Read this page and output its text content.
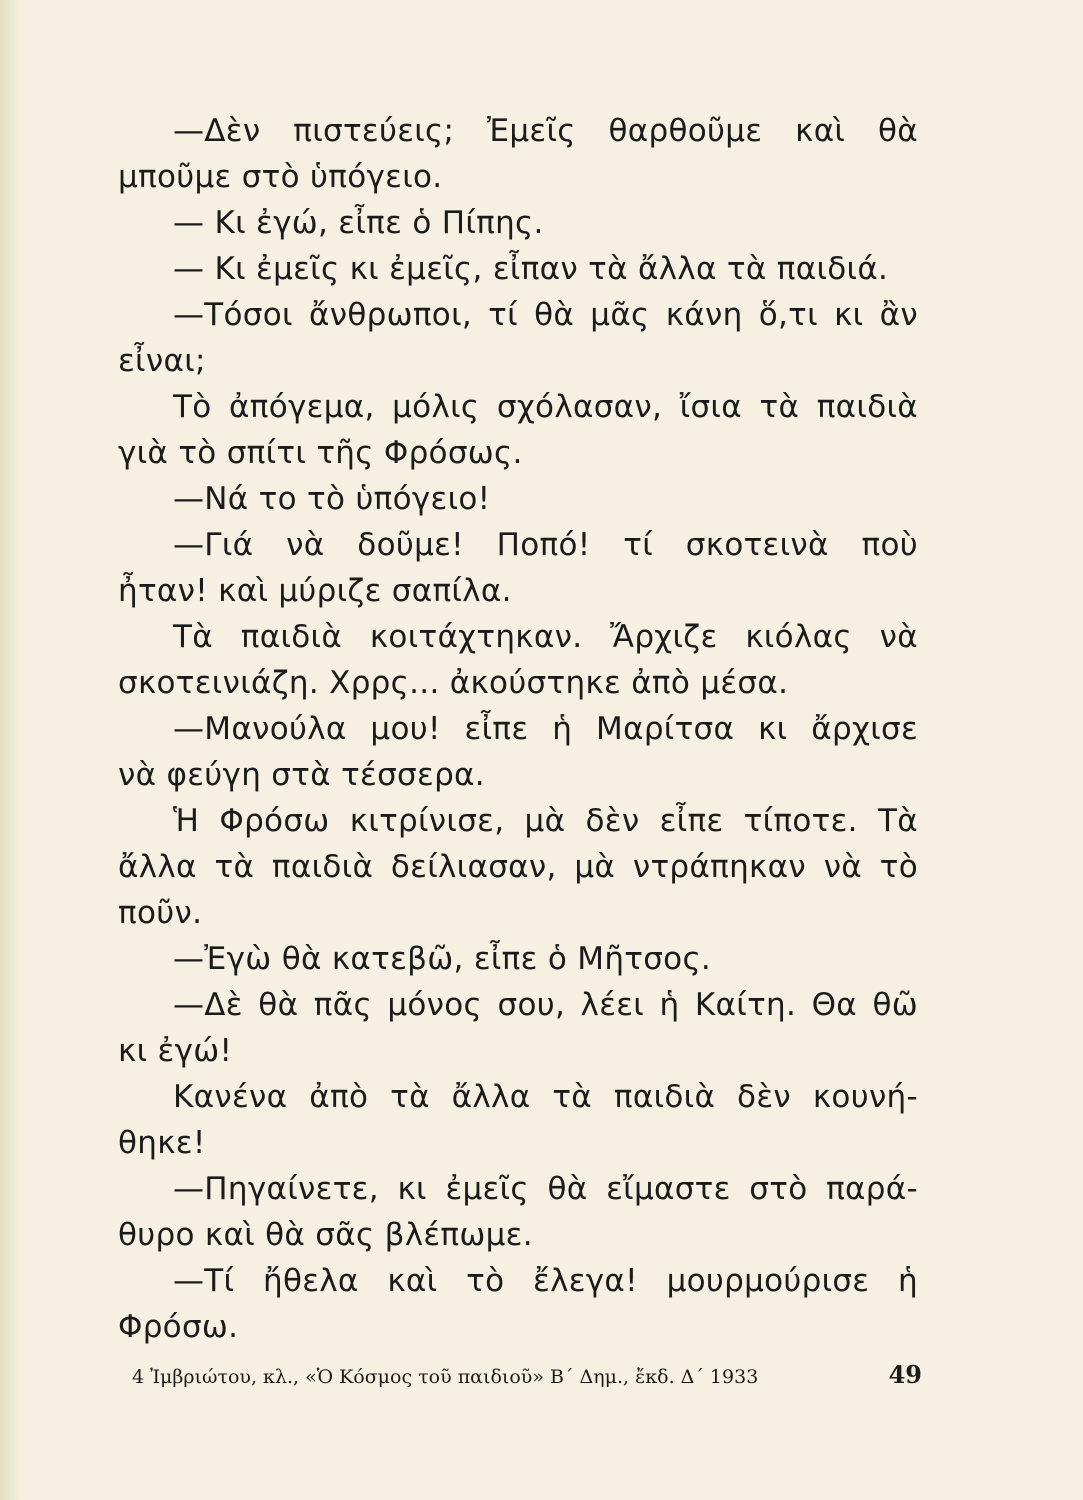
—Δὲν πιστεύεις; Ἐμεῖς θαρθοῦμε καὶ θὰ
μποῦμε στὸ ὑπόγειο.
— Κι ἐγώ, εἶπε ὁ Πίπης.
— Κι ἐμεῖς κι ἐμεῖς, εἶπαν τὰ ἄλλα τὰ παιδιά.
—Τόσοι ἄνθρωποι, τί θὰ μᾶς κάνη ὅ,τι κι ἂν
εἶναι;
Τὸ ἀπόγεμα, μόλις σχόλασαν, ἴσια τὰ παιδιὰ
γιὰ τὸ σπίτι τῆς Φρόσως.
—Νά το τὸ ὑπόγειο!
—Γιά νὰ δοῦμε! Ποπό! τί σκοτεινὰ ποὺ
ἦταν! καὶ μύριζε σαπίλα.
Τὰ παιδιὰ κοιτάχτηκαν. Ἄρχιζε κιόλας νὰ
σκοτεινιάζη. Χρρς... ἀκούστηκε ἀπὸ μέσα.
—Μανούλα μου! εἶπε ἡ Μαρίτσα κι ἄρχισε
νὰ φεύγη στὰ τέσσερα.
Ἡ Φρόσω κιτρίνισε, μὰ δὲν εἶπε τίποτε. Τὰ
ἄλλα τὰ παιδιὰ δείλιασαν, μὰ ντράπηκαν νὰ τὸ
ποῦν.
—Ἐγὼ θὰ κατεβῶ, εἶπε ὁ Μῆτσος.
—Δὲ θὰ πᾶς μόνος σου, λέει ἡ Καίτη. Θα θῶ
κι ἐγώ!
Κανένα ἀπὸ τὰ ἄλλα τὰ παιδιὰ δὲν κουνή-
θηκε!
—Πηγαίνετε, κι ἐμεῖς θὰ εἴμαστε στὸ παρά-
θυρο καὶ θὰ σᾶς βλέπωμε.
—Τί ἤθελα καὶ τὸ ἔλεγα! μουρμούρισε ἡ
Φρόσω.
4 Ἰμβριώτου, κλ., «Ὁ Κόσμος τοῦ παιδιοῦ» Β΄ Δημ., ἔκδ. Δ΄ 1933	49
